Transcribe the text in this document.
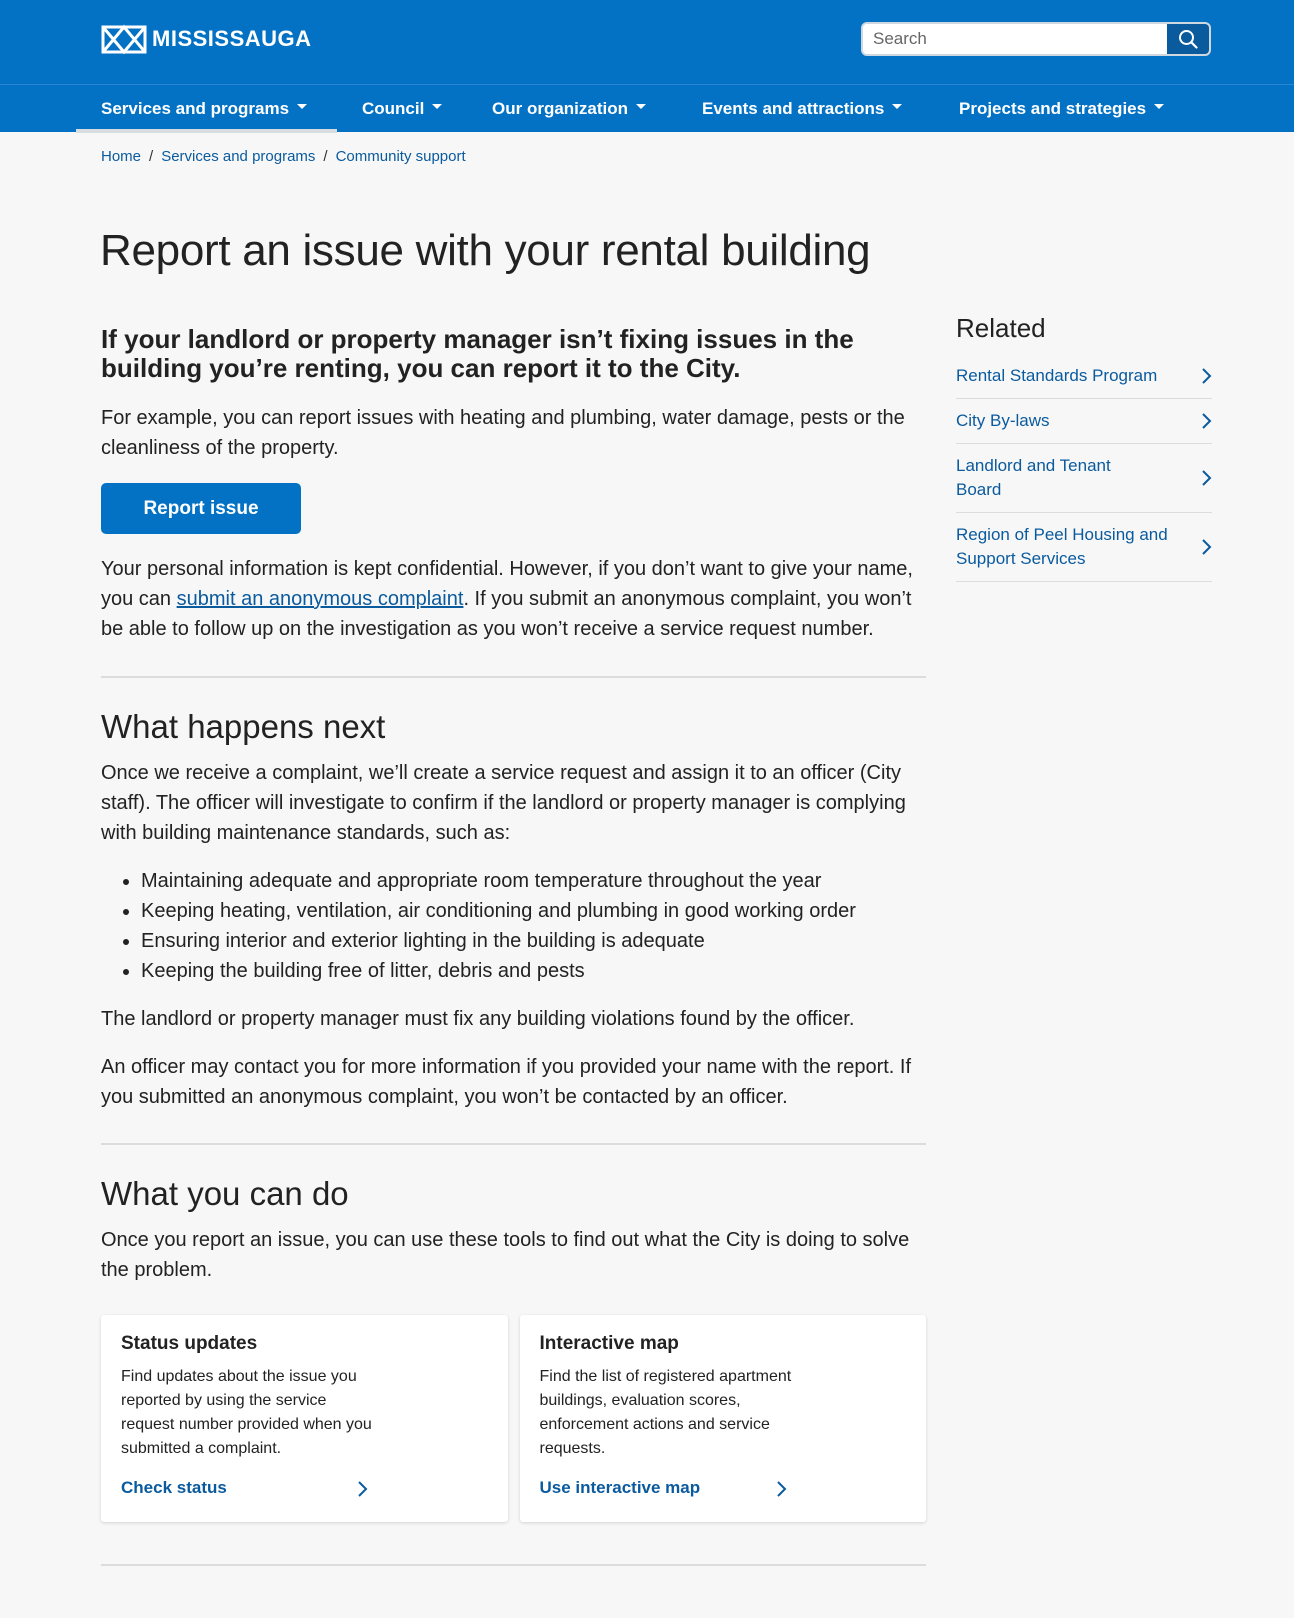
MISSISSAUGA
Search
Services and programs	Council	Our organization	Events and attractions	Projects and strategies
Home / Services and programs / Community support
Report an issue with your rental building
If your landlord or property manager isn’t fixing issues in the building you’re renting, you can report it to the City.

For example, you can report issues with heating and plumbing, water damage, pests or the cleanliness of the property.

Report issue

Your personal information is kept confidential. However, if you don’t want to give your name, you can submit an anonymous complaint. If you submit an anonymous complaint, you won’t be able to follow up on the investigation as you won’t receive a service request number.

What happens next

Once we receive a complaint, we’ll create a service request and assign it to an officer (City staff). The officer will investigate to confirm if the landlord or property manager is complying with building maintenance standards, such as:

• Maintaining adequate and appropriate room temperature throughout the year
• Keeping heating, ventilation, air conditioning and plumbing in good working order
• Ensuring interior and exterior lighting in the building is adequate
• Keeping the building free of litter, debris and pests

The landlord or property manager must fix any building violations found by the officer.

An officer may contact you for more information if you provided your name with the report. If you submitted an anonymous complaint, you won’t be contacted by an officer.

What you can do

Once you report an issue, you can use these tools to find out what the City is doing to solve the problem.

Status updates
Find updates about the issue you reported by using the service request number provided when you submitted a complaint.
Check status
Interactive map
Find the list of registered apartment buildings, evaluation scores, enforcement actions and service requests.
Use interactive map
Related
Rental Standards Program
City By-laws
Landlord and Tenant Board
Region of Peel Housing and Support Services
